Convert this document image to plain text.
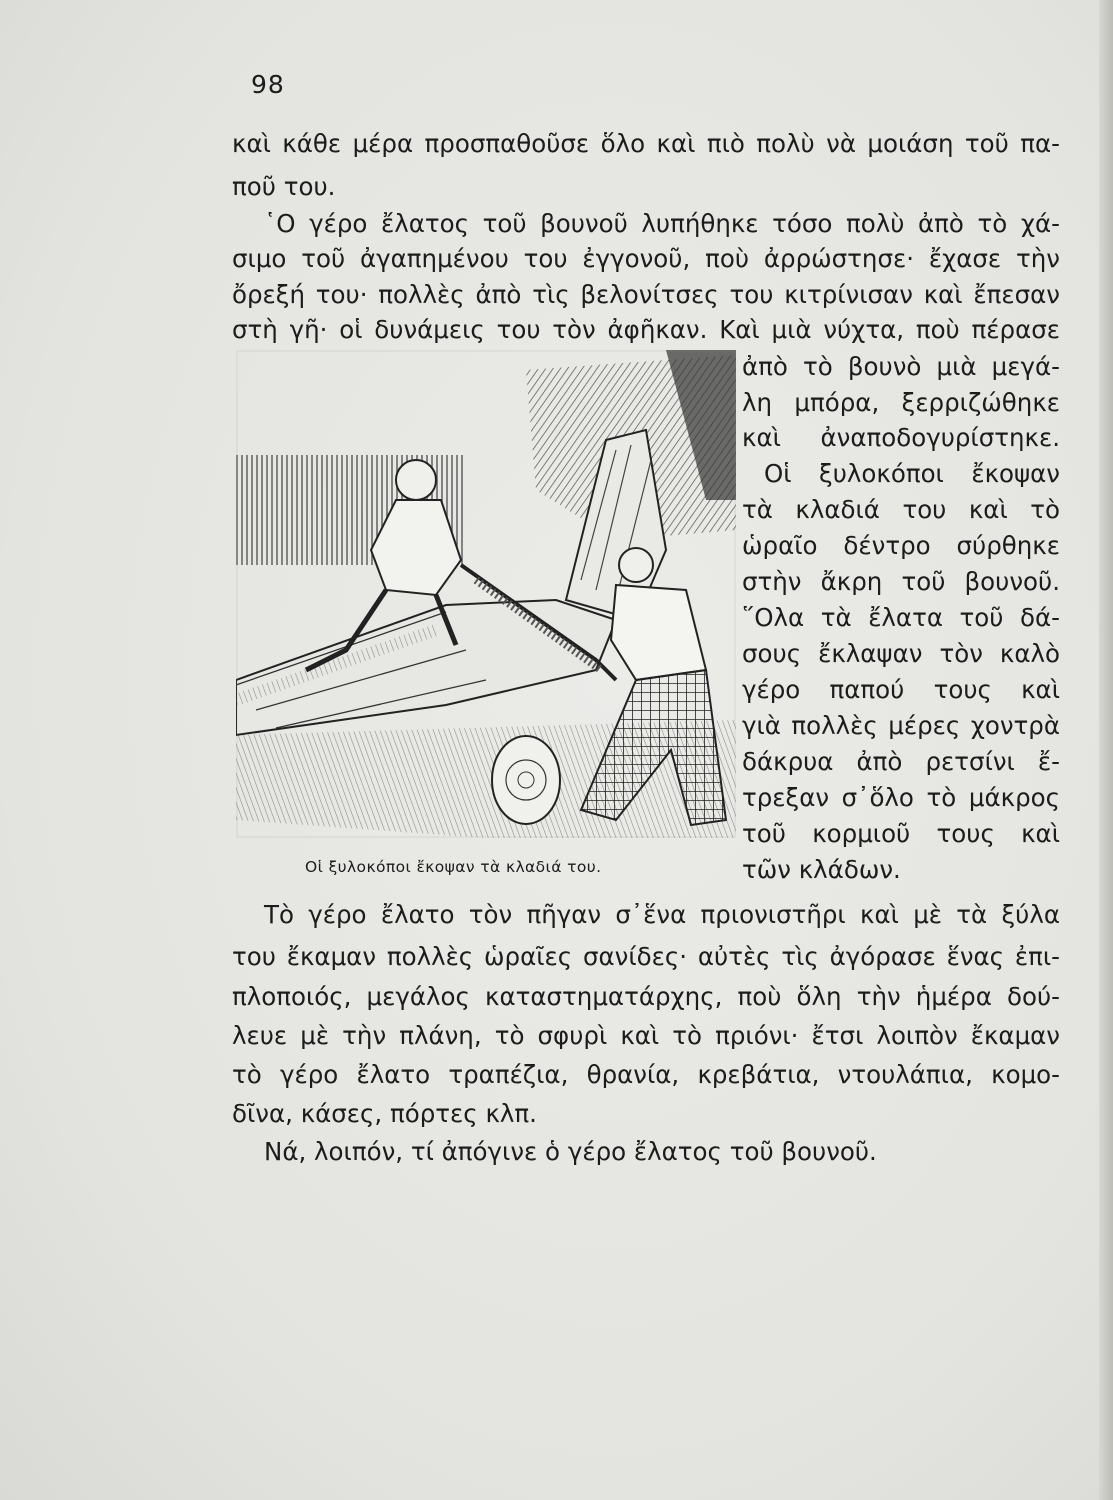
98
καὶ κάθε μέρα προσπαθοῦσε ὅλο καὶ πιὸ πολὺ νὰ μοιάση τοῦ πα-
ποῦ του.
῾Ο γέρο ἔλατος τοῦ βουνοῦ λυπήθηκε τόσο πολὺ ἀπὸ τὸ χά-
σιμο τοῦ ἀγαπημένου του ἐγγονοῦ, ποὺ ἀρρώστησε· ἔχασε τὴν
ὄρεξή του· πολλὲς ἀπὸ τὶς βελονίτσες του κιτρίνισαν καὶ ἔπεσαν
στὴ γῆ· οἱ δυνάμεις του τὸν ἀφῆκαν. Καὶ μιὰ νύχτα, ποὺ πέρασε
ἀπὸ τὸ βουνὸ μιὰ μεγά-
λη μπόρα, ξερριζώθηκε
καὶ ἀναποδογυρίστηκε.
Οἱ ξυλοκόποι ἔκοψαν
τὰ κλαδιά του καὶ τὸ
ὡραῖο δέντρο σύρθηκε
στὴν ἄκρη τοῦ βουνοῦ.
῞Ολα τὰ ἔλατα τοῦ δά-
σους ἔκλαψαν τὸν καλὸ
γέρο παπού τους καὶ
γιὰ πολλὲς μέρες χοντρὰ
δάκρυα ἀπὸ ρετσίνι ἔ-
τρεξαν σ᾽ὅλο τὸ μάκρος
τοῦ κορμιοῦ τους καὶ
τῶν κλάδων.
Τὸ γέρο ἔλατο τὸν πῆγαν σ᾽ἕνα πριονιστῆρι καὶ μὲ τὰ ξύλα
του ἔκαμαν πολλὲς ὡραῖες σανίδες· αὐτὲς τὶς ἀγόρασε ἕνας ἐπι-
πλοποιός, μεγάλος καταστηματάρχης, ποὺ ὅλη τὴν ἡμέρα δού-
λευε μὲ τὴν πλάνη, τὸ σφυρὶ καὶ τὸ πριόνι· ἔτσι λοιπὸν ἔκαμαν
τὸ γέρο ἔλατο τραπέζια, θρανία, κρεβάτια, ντουλάπια, κομο-
δῖνα, κάσες, πόρτες κλπ.
Νά, λοιπόν, τί ἀπόγινε ὁ γέρο ἔλατος τοῦ βουνοῦ.
Οἱ ξυλοκόποι ἔκοψαν τὰ κλαδιά του.
